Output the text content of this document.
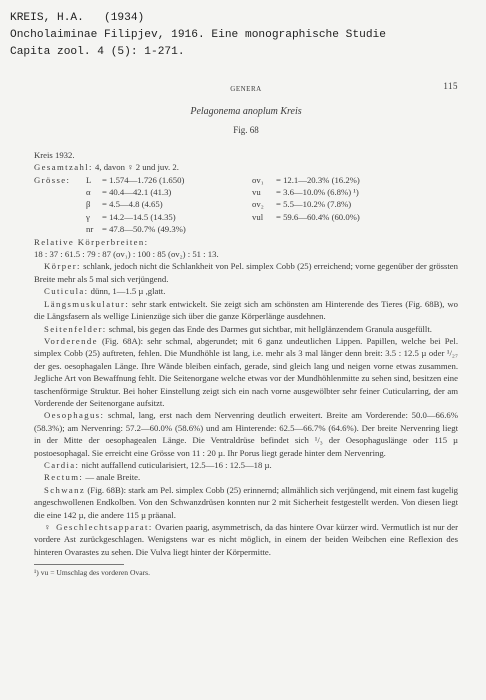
KREIS, H.A.   (1934)
Oncholaiminae Filipjev, 1916. Eine monographische Studie
Capita zool. 4 (5): 1-271.
GENERA	115
Pelagonema anoplum Kreis
Fig. 68

Kreis 1932.

Gesamtzahl: 4, davon ♀ 2 und juv. 2.

Grösse:	L	= 1.574—1.726 (1.650)	ov₁	= 12.1—20.3% (16.2%)
	α	= 40.4—42.1 (41.3)	vu	= 3.6—10.0% (6.8%) ¹)
	β	= 4.5—4.8 (4.65)	ov₂	= 5.5—10.2% (7.8%)
	γ	= 14.2—14.5 (14.35)	vul	= 59.6—60.4% (60.0%)
	nr	= 47.8—50.7% (49.3%)		

Relative Körperbreiten:

18 : 37 : 61.5 : 79 : 87 (ov₁) : 100 : 85 (ov₂) : 51 : 13.

Körper: schlank, jedoch nicht die Schlankheit von Pel. simplex Cobb (25) erreichend; vorne gegenüber der grössten Breite mehr als 5 mal sich verjüngend.

Cuticula: dünn, 1—1.5 µ ,glatt.

Längsmuskulatur: sehr stark entwickelt. Sie zeigt sich am schönsten am Hinterende des Tieres (Fig. 68B), wo die Längsfasern als wellige Linienzüge sich über die ganze Körperlänge ausdehnen.

Seitenfelder: schmal, bis gegen das Ende des Darmes gut sichtbar, mit hellglänzendem Granula ausgefüllt.

Vorderende (Fig. 68A): sehr schmal, abgerundet; mit 6 ganz undeutlichen Lippen. Papillen, welche bei Pel. simplex Cobb (25) auftreten, fehlen. Die Mundhöhle ist lang, i.e. mehr als 3 mal länger denn breit: 3.5 : 12.5 µ oder ¹/₂₇ der ges. oesophagalen Länge. Ihre Wände bleiben einfach, gerade, sind gleich lang und neigen vorne etwas zusammen. Jegliche Art von Bewaffnung fehlt. Die Seitenorgane welche etwas vor der Mundhöhlenmitte zu sehen sind, besitzen eine taschenförmige Struktur. Bei hoher Einstellung zeigt sich ein nach vorne ausgewölbter sehr feiner Cuticularring, der am Vorderende der Seitenorgane aufsitzt.

Oesophagus: schmal, lang, erst nach dem Nervenring deutlich erweitert. Breite am Vorderende: 50.0—66.6% (58.3%); am Nervenring: 57.2—60.0% (58.6%) und am Hinterende: 62.5—66.7% (64.6%). Der breite Nervenring liegt in der Mitte der oesophagealen Länge. Die Ventraldrüse befindet sich ¹/₃ der Oesophaguslänge oder 115 µ postoesophagal. Sie erreicht eine Grösse von 11 : 20 µ. Ihr Porus liegt gerade hinter dem Nervenring.

Cardia: nicht auffallend cuticularisiert, 12.5—16 : 12.5—18 µ.

Rectum: — anale Breite.

Schwanz (Fig. 68B): stark am Pel. simplex Cobb (25) erinnernd; allmählich sich verjüngend, mit einem fast kugelig angeschwollenen Endkolben. Von den Schwanzdrüsen konnten nur 2 mit Sicherheit festgestellt werden. Von diesen liegt die eine 142 µ, die andere 115 µ präanal.

♀ Geschlechtsapparat: Ovarien paarig, asymmetrisch, da das hintere Ovar kürzer wird. Vermutlich ist nur der vordere Ast zurückgeschlagen. Wenigstens war es nicht möglich, in einem der beiden Weibchen eine Reflexion des hinteren Ovarastes zu sehen. Die Vulva liegt hinter der Körpermitte.

¹) vu = Umschlag des vorderen Ovars.
